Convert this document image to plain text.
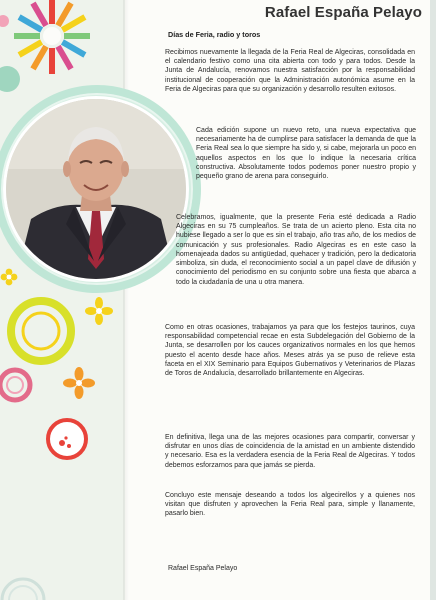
Rafael España Pelayo
Días de Feria, radio y toros

Recibimos nuevamente la llegada de la Feria Real de Algeciras, consolidada en el calendario festivo como una cita abierta con todo y para todos. Desde la Junta de Andalucía, renovamos nuestra satisfacción por la responsabilidad institucional de cooperación que la Administración autonómica asume en la Feria de Algeciras para que su organización y desarrollo resulten exitosos.

Cada edición supone un nuevo reto, una nueva expectativa que necesariamente ha de cumplirse para satisfacer la demanda de que la Feria Real sea lo que siempre ha sido y, si cabe, mejorarla un poco en aquellos aspectos en los que lo indique la necesaria crítica constructiva. Absolutamente todos podemos poner nuestro propio y pequeño grano de arena para conseguirlo.

Celebramos, igualmente, que la presente Feria esté dedicada a Radio Algeciras en su 75 cumpleaños. Se trata de un acierto pleno. Esta cita no hubiese llegado a ser lo que es sin el trabajo, año tras año, de los medios de comunicación y sus profesionales. Radio Algeciras es en este caso la homenajeada dados su antigüedad, quehacer y tradición, pero la dedicatoria simboliza, sin duda, el reconocimiento social a un papel clave de difusión y conocimiento del periodismo en su conjunto sobre una fiesta que abarca a todo la ciudadanía de una u otra manera.

Como en otras ocasiones, trabajamos ya para que los festejos taurinos, cuya responsabilidad competencial recae en esta Subdelegación del Gobierno de la Junta, se desarrollen por los cauces organizativos normales en los que hemos puesto el acento desde hace años. Meses atrás ya se puso de relieve esta faceta en el XIX Seminario para Equipos Gubernativos y Veterinarios de Plazas de Toros de Andalucía, desarrollado brillantemente en Algeciras.

En definitiva, llega una de las mejores ocasiones para compartir, conversar y disfrutar en unos días de coincidencia de la amistad en un ambiente distendido y necesario. Esa es la verdadera esencia de la Feria Real de Algeciras. Y todos debemos esforzarnos para que jamás se pierda.

Concluyo este mensaje deseando a todos los algecirellos y a quienes nos visitan que disfruten y aprovechen la Feria Real para, simple y llanamente, pasarlo bien.

Rafael España Pelayo
